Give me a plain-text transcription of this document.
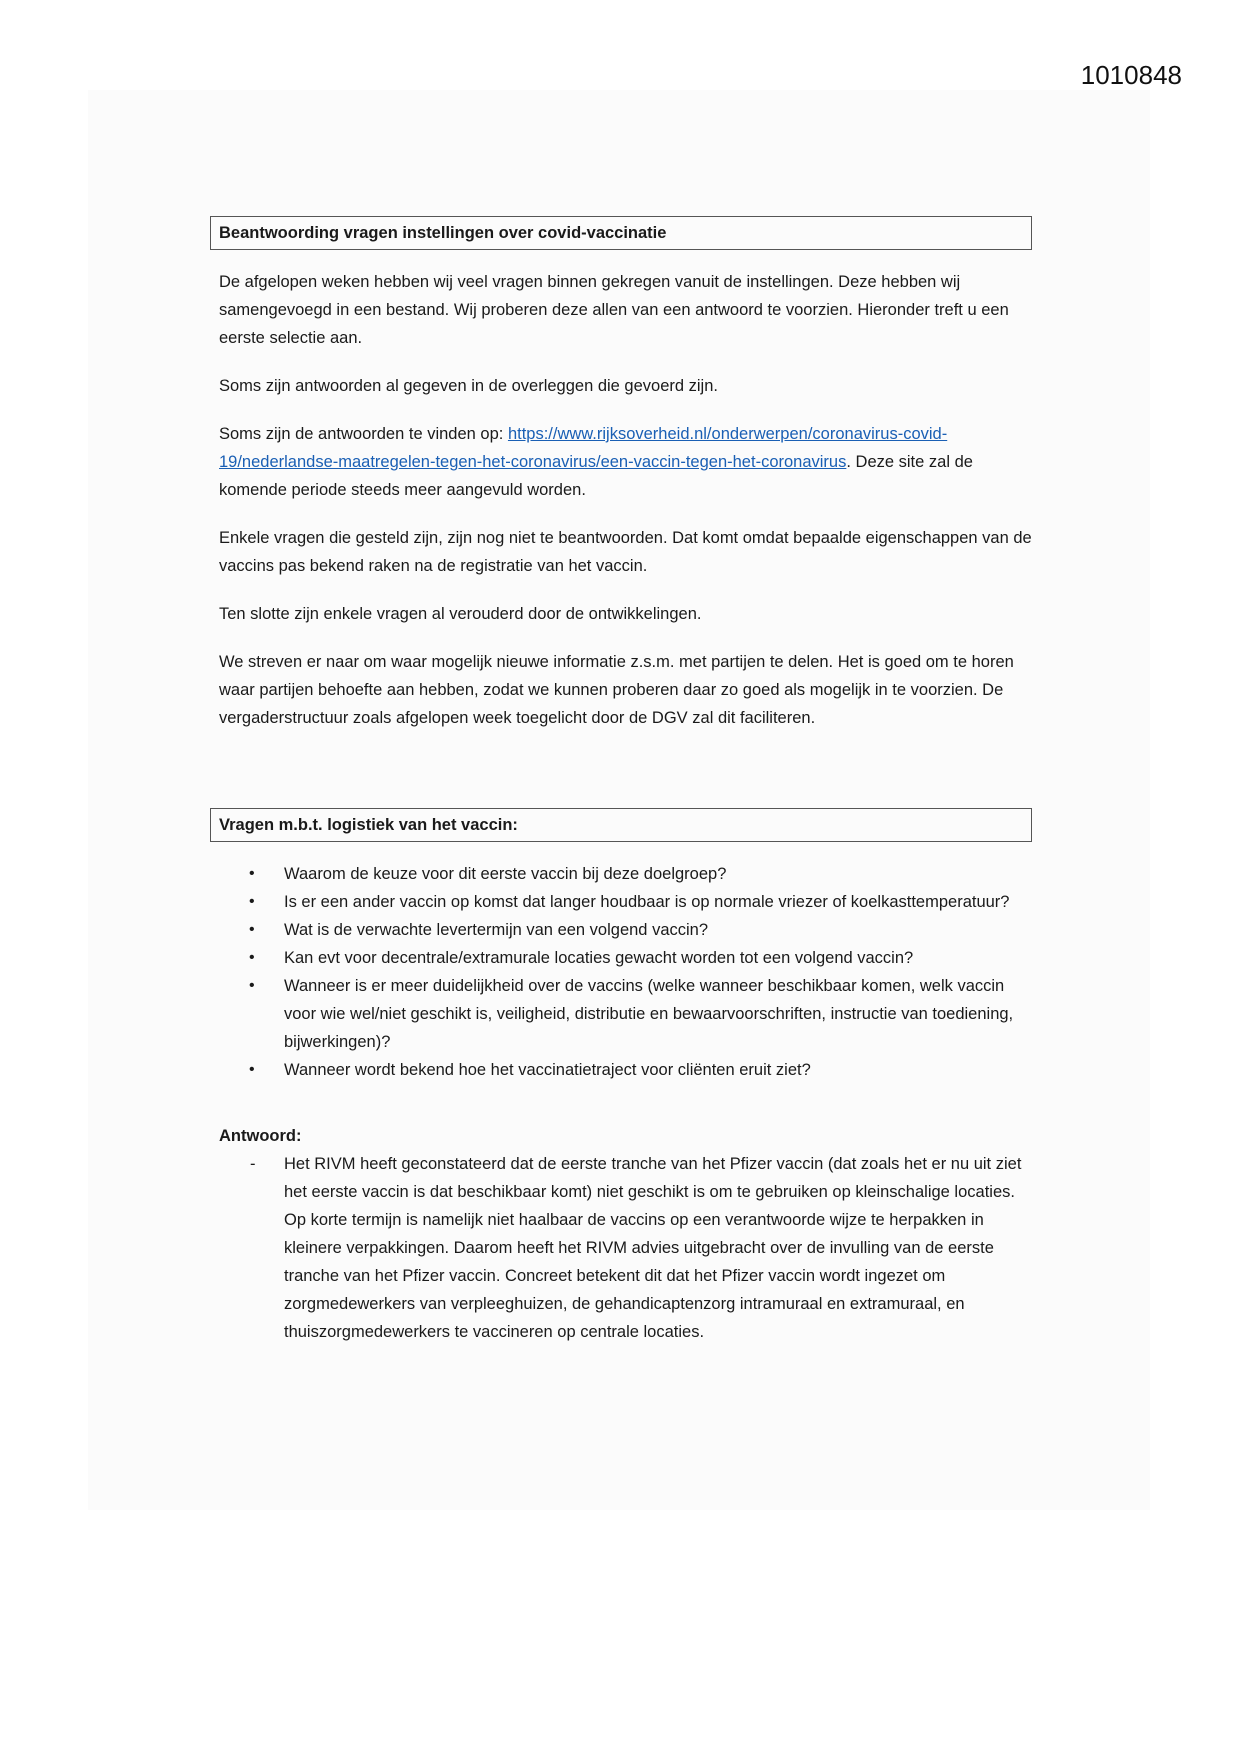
1010848
Beantwoording vragen instellingen over covid-vaccinatie

De afgelopen weken hebben wij veel vragen binnen gekregen vanuit de instellingen. Deze hebben wij samengevoegd in een bestand. Wij proberen deze allen van een antwoord te voorzien. Hieronder treft u een eerste selectie aan.

Soms zijn antwoorden al gegeven in de overleggen die gevoerd zijn.

Soms zijn de antwoorden te vinden op: https://www.rijksoverheid.nl/onderwerpen/coronavirus-covid-19/nederlandse-maatregelen-tegen-het-coronavirus/een-vaccin-tegen-het-coronavirus. Deze site zal de komende periode steeds meer aangevuld worden.

Enkele vragen die gesteld zijn, zijn nog niet te beantwoorden. Dat komt omdat bepaalde eigenschappen van de vaccins pas bekend raken na de registratie van het vaccin.

Ten slotte zijn enkele vragen al verouderd door de ontwikkelingen.

We streven er naar om waar mogelijk nieuwe informatie z.s.m. met partijen te delen. Het is goed om te horen waar partijen behoefte aan hebben, zodat we kunnen proberen daar zo goed als mogelijk in te voorzien. De vergaderstructuur zoals afgelopen week toegelicht door de DGV zal dit faciliteren.

Vragen m.b.t. logistiek van het vaccin:
• Waarom de keuze voor dit eerste vaccin bij deze doelgroep?
• Is er een ander vaccin op komst dat langer houdbaar is op normale vriezer of koelkasttemperatuur?
• Wat is de verwachte levertermijn van een volgend vaccin?
• Kan evt voor decentrale/extramurale locaties gewacht worden tot een volgend vaccin?
• Wanneer is er meer duidelijkheid over de vaccins (welke wanneer beschikbaar komen, welk vaccin voor wie wel/niet geschikt is, veiligheid, distributie en bewaarvoorschriften, instructie van toediening, bijwerkingen)?
• Wanneer wordt bekend hoe het vaccinatietraject voor cliënten eruit ziet?
Antwoord:
- Het RIVM heeft geconstateerd dat de eerste tranche van het Pfizer vaccin (dat zoals het er nu uit ziet het eerste vaccin is dat beschikbaar komt) niet geschikt is om te gebruiken op kleinschalige locaties. Op korte termijn is namelijk niet haalbaar de vaccins op een verantwoorde wijze te herpakken in kleinere verpakkingen. Daarom heeft het RIVM advies uitgebracht over de invulling van de eerste tranche van het Pfizer vaccin. Concreet betekent dit dat het Pfizer vaccin wordt ingezet om zorgmedewerkers van verpleeghuizen, de gehandicaptenzorg intramuraal en extramuraal, en thuiszorgmedewerkers te vaccineren op centrale locaties.
